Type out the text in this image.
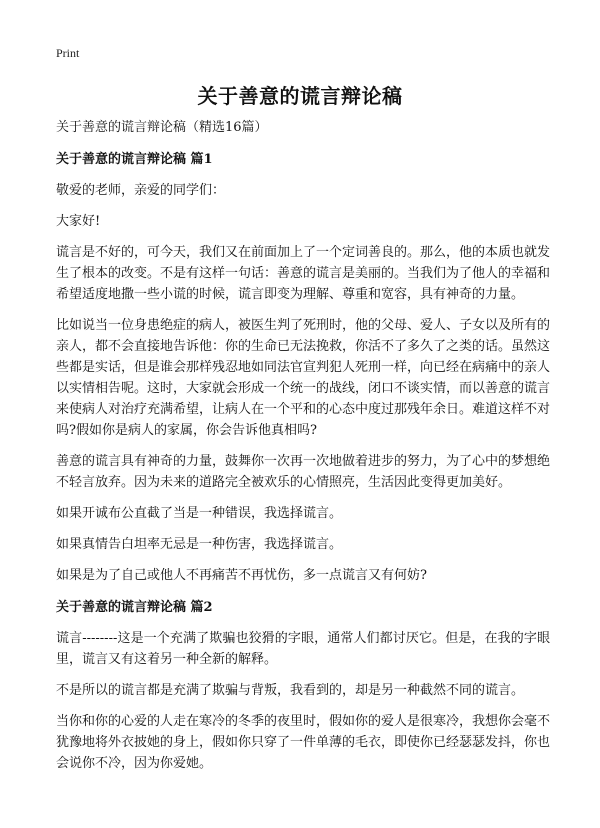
Print
关于善意的谎言辩论稿

关于善意的谎言辩论稿（精选16篇）

关于善意的谎言辩论稿 篇1

敬爱的老师，亲爱的同学们：

大家好!

谎言是不好的，可今天，我们又在前面加上了一个定词善良的。那么，他的本质也就发生了根本的改变。不是有这样一句话：善意的谎言是美丽的。当我们为了他人的幸福和希望适度地撒一些小谎的时候，谎言即变为理解、尊重和宽容，具有神奇的力量。

比如说当一位身患绝症的病人，被医生判了死刑时，他的父母、爱人、子女以及所有的亲人，都不会直接地告诉他：你的生命已无法挽救，你活不了多久了之类的话。虽然这些都是实话，但是谁会那样残忍地如同法官宣判犯人死刑一样，向已经在病痛中的亲人以实情相告呢。这时，大家就会形成一个统一的战线，闭口不谈实情，而以善意的谎言来使病人对治疗充满希望，让病人在一个平和的心态中度过那残年余日。难道这样不对吗?假如你是病人的家属，你会告诉他真相吗?

善意的谎言具有神奇的力量，鼓舞你一次再一次地做着进步的努力，为了心中的梦想绝不轻言放弃。因为未来的道路完全被欢乐的心情照亮，生活因此变得更加美好。

如果开诚布公直截了当是一种错误，我选择谎言。

如果真情告白坦率无忌是一种伤害，我选择谎言。

如果是为了自己或他人不再痛苦不再忧伤，多一点谎言又有何妨?

关于善意的谎言辩论稿 篇2

谎言--------这是一个充满了欺骗也狡猾的字眼，通常人们都讨厌它。但是，在我的字眼里，谎言又有这着另一种全新的解释。

不是所以的谎言都是充满了欺骗与背叛，我看到的，却是另一种截然不同的谎言。

当你和你的心爱的人走在寒冷的冬季的夜里时，假如你的爱人是很寒冷，我想你会毫不犹豫地将外衣披她的身上，假如你只穿了一件单薄的毛衣，即使你已经瑟瑟发抖，你也会说你不冷，因为你爱她。
